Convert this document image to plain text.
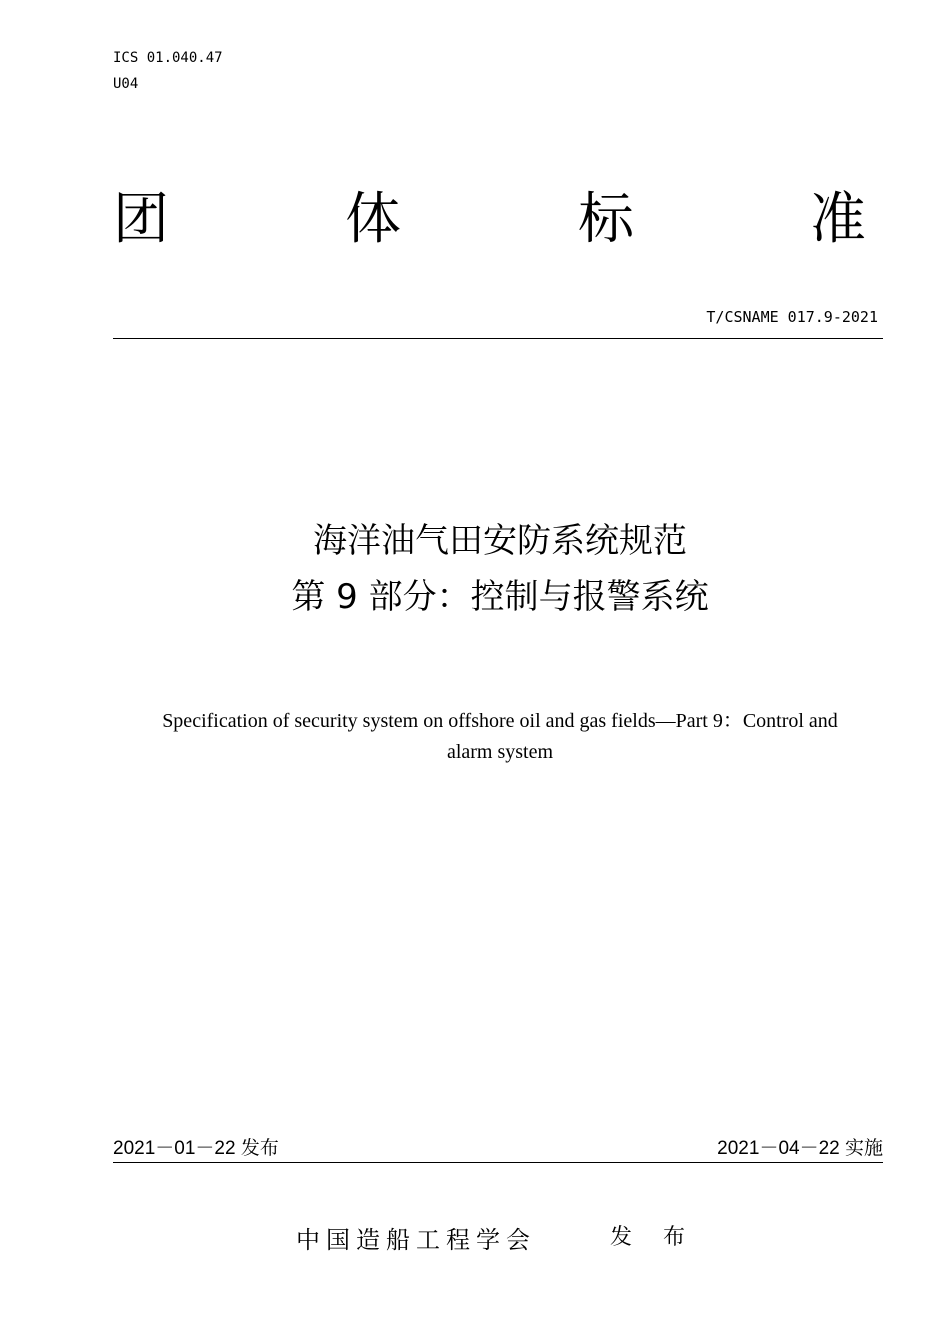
ICS 01.040.47
U04
团	体	标	准
T/CSNAME 017.9-2021
海洋油气田安防系统规范
第 9 部分：控制与报警系统
Specification of security system on offshore oil and gas fields—Part 9：Control and
alarm system
2021－01－22 发布	2021－04－22 实施
中国造船工程学会	发 布
